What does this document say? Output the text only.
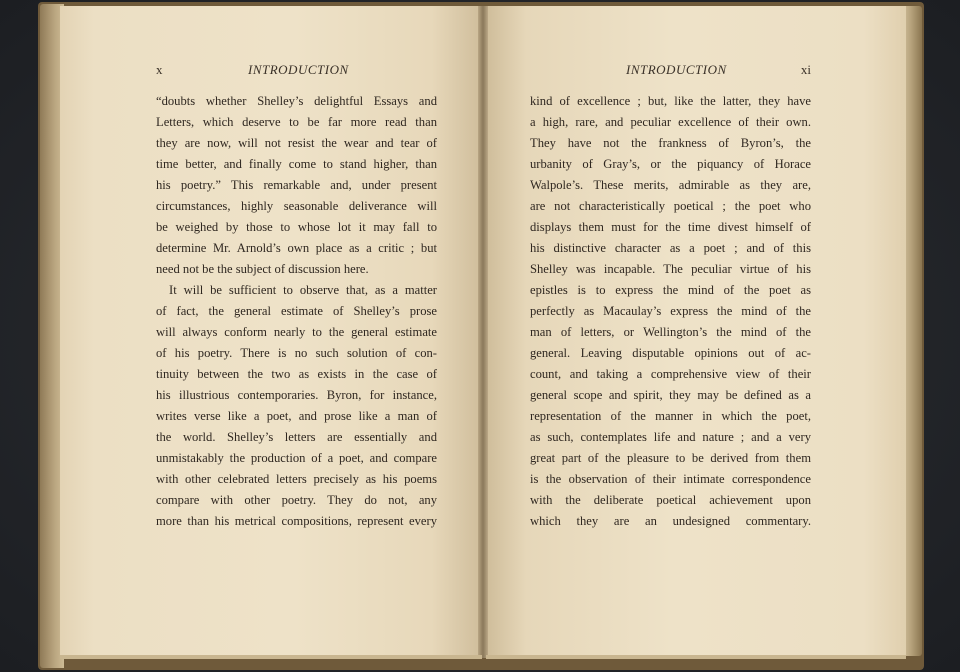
x	INTRODUCTION	INTRODUCTION	xi
“doubts whether Shelley’s delightful Essays and
Letters, which deserve to be far more read than
they are now, will not resist the wear and tear of
time better, and finally come to stand higher, than
his poetry.” This remarkable and, under present
circumstances, highly seasonable deliverance will
be weighed by those to whose lot it may fall to
determine Mr. Arnold’s own place as a critic ; but
need not be the subject of discussion here.
It will be sufficient to observe that, as a matter
of fact, the general estimate of Shelley’s prose
will always conform nearly to the general estimate
of his poetry. There is no such solution of con-
tinuity between the two as exists in the case of
his illustrious contemporaries. Byron, for instance,
writes verse like a poet, and prose like a man of
the world. Shelley’s letters are essentially and
unmistakably the production of a poet, and compare
with other celebrated letters precisely as his poems
compare with other poetry. They do not, any
more than his metrical compositions, represent every
kind of excellence ; but, like the latter, they have
a high, rare, and peculiar excellence of their own.
They have not the frankness of Byron’s, the
urbanity of Gray’s, or the piquancy of Horace
Walpole’s. These merits, admirable as they are,
are not characteristically poetical ; the poet who
displays them must for the time divest himself of
his distinctive character as a poet ; and of this
Shelley was incapable. The peculiar virtue of his
epistles is to express the mind of the poet as
perfectly as Macaulay’s express the mind of the
man of letters, or Wellington’s the mind of the
general. Leaving disputable opinions out of ac-
count, and taking a comprehensive view of their
general scope and spirit, they may be defined as a
representation of the manner in which the poet,
as such, contemplates life and nature ; and a very
great part of the pleasure to be derived from them
is the observation of their intimate correspondence
with the deliberate poetical achievement upon
which they are an undesigned commentary.
